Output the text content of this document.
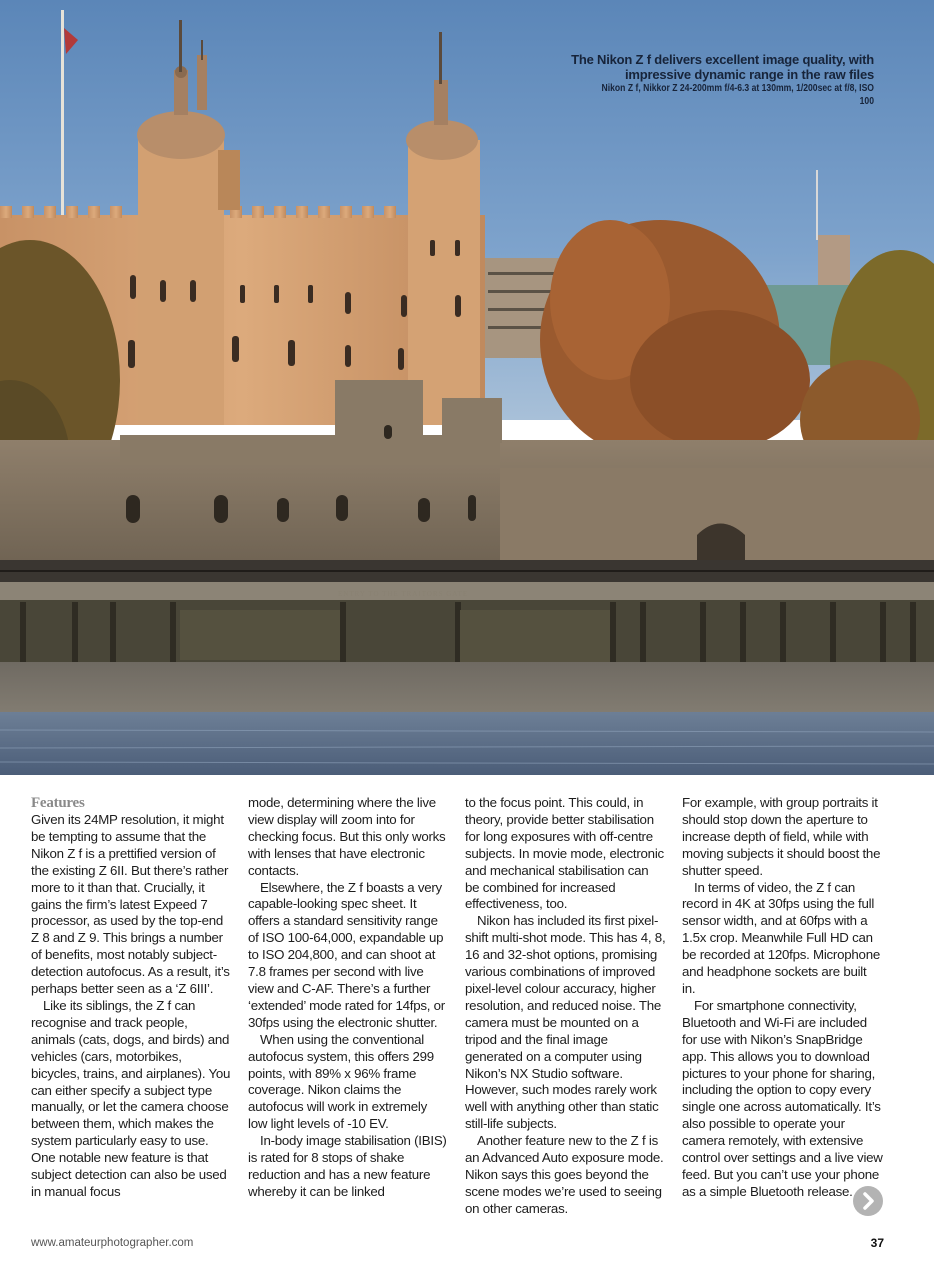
The Nikon Z f delivers excellent image quality, with impressive dynamic range in the raw files
Nikon Z f, Nikkor Z 24-200mm f/4-6.3 at 130mm, 1/200sec at f/8, ISO 100
ENTRY TO THE TRAITORS GATE
Features

Given its 24MP resolution, it might be tempting to assume that the Nikon Z f is a prettified version of the existing Z 6II. But there’s rather more to it than that. Crucially, it gains the firm’s latest Expeed 7 processor, as used by the top-end Z 8 and Z 9. This brings a number of benefits, most notably subject-detection autofocus. As a result, it’s perhaps better seen as a ‘Z 6III’.

Like its siblings, the Z f can recognise and track people, animals (cats, dogs, and birds) and vehicles (cars, motorbikes, bicycles, trains, and airplanes). You can either specify a subject type manually, or let the camera choose between them, which makes the system particularly easy to use. One notable new feature is that subject detection can also be used in manual focus

mode, determining where the live view display will zoom into for checking focus. But this only works with lenses that have electronic contacts.

Elsewhere, the Z f boasts a very capable-looking spec sheet. It offers a standard sensitivity range of ISO 100-64,000, expandable up to ISO 204,800, and can shoot at 7.8 frames per second with live view and C-AF. There’s a further ‘extended’ mode rated for 14fps, or 30fps using the electronic shutter.

When using the conventional autofocus system, this offers 299 points, with 89% x 96% frame coverage. Nikon claims the autofocus will work in extremely low light levels of -10 EV.

In-body image stabilisation (IBIS) is rated for 8 stops of shake reduction and has a new feature whereby it can be linked

to the focus point. This could, in theory, provide better stabilisation for long exposures with off-centre subjects. In movie mode, electronic and mechanical stabilisation can be combined for increased effectiveness, too.

Nikon has included its first pixel-shift multi-shot mode. This has 4, 8, 16 and 32-shot options, promising various combinations of improved pixel-level colour accuracy, higher resolution, and reduced noise. The camera must be mounted on a tripod and the final image generated on a computer using Nikon’s NX Studio software. However, such modes rarely work well with anything other than static still-life subjects.

Another feature new to the Z f is an Advanced Auto exposure mode. Nikon says this goes beyond the scene modes we’re used to seeing on other cameras.

For example, with group portraits it should stop down the aperture to increase depth of field, while with moving subjects it should boost the shutter speed.

In terms of video, the Z f can record in 4K at 30fps using the full sensor width, and at 60fps with a 1.5x crop. Meanwhile Full HD can be recorded at 120fps. Microphone and headphone sockets are built in.

For smartphone connectivity, Bluetooth and Wi-Fi are included for use with Nikon’s SnapBridge app. This allows you to download pictures to your phone for sharing, including the option to copy every single one across automatically. It’s also possible to operate your camera remotely, with extensive control over settings and a live view feed. But you can’t use your phone as a simple Bluetooth release.

www.amateurphotographer.com	37
